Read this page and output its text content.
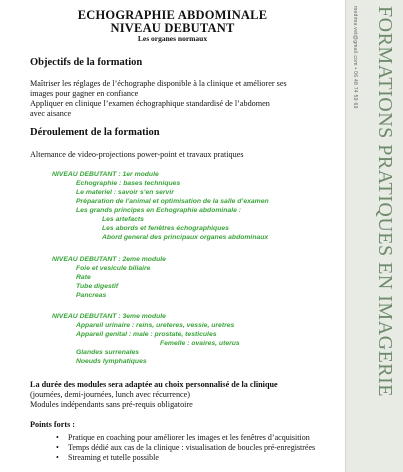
ECHOGRAPHIE ABDOMINALE
NIVEAU DEBUTANT
Les organes normaux
Objectifs de la formation
Maîtriser les réglages de l’échographe disponible à la clinique et améliorer ses
images pour gagner en confiance
Appliquer en clinique l’examen échographique standardisé de l’abdomen
avec aisance
Déroulement de la formation
Alternance de video-projections power-point et travaux pratiques
NIVEAU DEBUTANT : 1er module
Echographie : bases techniques
Le materiel : savoir s’en servir
Préparation de l’animal et optimisation de la salle d’examen
Les grands principes en Echographie abdominale :
Les artefacts
Les abords et fenêtres échographiques
Abord general des principaux organes abdominaux
NIVEAU DEBUTANT : 2eme module
Foie et vesicule biliaire
Rate
Tube digestif
Pancreas
NIVEAU DEBUTANT : 3eme module
Appareil urinaire : reins, ureteres, vessie, uretres
Appareil genital : male : prostate, testicules
Femelle : ovaires, uterus
Glandes surrenales
Noeuds lymphatiques
La durée des modules sera adaptée au choix personnalisé de la clinique
(journées, demi-journées, lunch avec récurrence)
Modules indépendants sans pré-requis obligatoire
Points forts :
• Pratique en coaching pour améliorer les images et les fenêtres d’acquisition
• Temps dédié aux cas de la clinique : visualisation de boucles pré-enregistrées
• Streaming et tutelle possible
medima.vet@gmail.com • 06 48 74 59 69 FORMATIONS PRATIQUES EN IMAGERIE
